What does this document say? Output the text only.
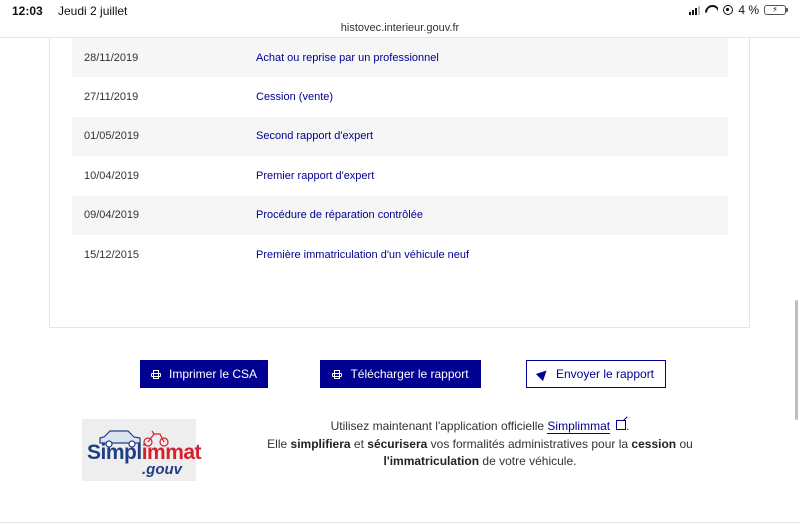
12:03 Jeudi 2 juillet	4 %	⚡
histovec.interieur.gouv.fr
28/11/2019	Achat ou reprise par un professionnel
27/11/2019	Cession (vente)
01/05/2019	Second rapport d'expert
10/04/2019	Premier rapport d'expert
09/04/2019	Procédure de réparation contrôlée
15/12/2015	Première immatriculation d'un véhicule neuf
Imprimer le CSA	Télécharger le rapport	Envoyer le rapport
Simplimmat
.gouv
Utilisez maintenant l'application officielle Simplimmat .
Elle simplifiera et sécurisera vos formalités administratives pour la cession ou
l'immatriculation de votre véhicule.
